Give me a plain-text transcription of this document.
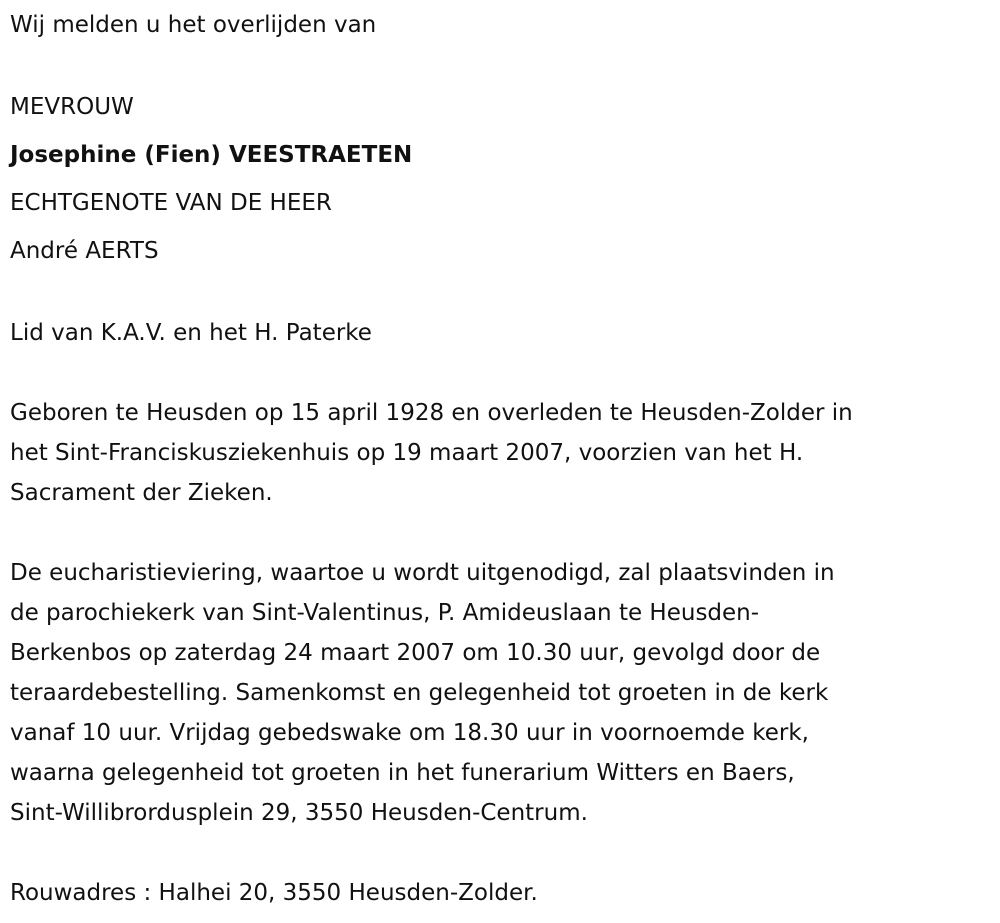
Wij melden u het overlijden van
MEVROUW
Josephine (Fien) VEESTRAETEN
ECHTGENOTE VAN DE HEER
André AERTS
Lid van K.A.V. en het H. Paterke
Geboren te Heusden op 15 april 1928 en overleden te Heusden-Zolder in
het Sint-Franciskusziekenhuis op 19 maart 2007, voorzien van het H.
Sacrament der Zieken.
De eucharistieviering, waartoe u wordt uitgenodigd, zal plaatsvinden in
de parochiekerk van Sint-Valentinus, P. Amideuslaan te Heusden-
Berkenbos op zaterdag 24 maart 2007 om 10.30 uur, gevolgd door de
teraardebestelling. Samenkomst en gelegenheid tot groeten in de kerk
vanaf 10 uur. Vrijdag gebedswake om 18.30 uur in voornoemde kerk,
waarna gelegenheid tot groeten in het funerarium Witters en Baers,
Sint-Willibrordusplein 29, 3550 Heusden-Centrum.
Rouwadres : Halhei 20, 3550 Heusden-Zolder.
